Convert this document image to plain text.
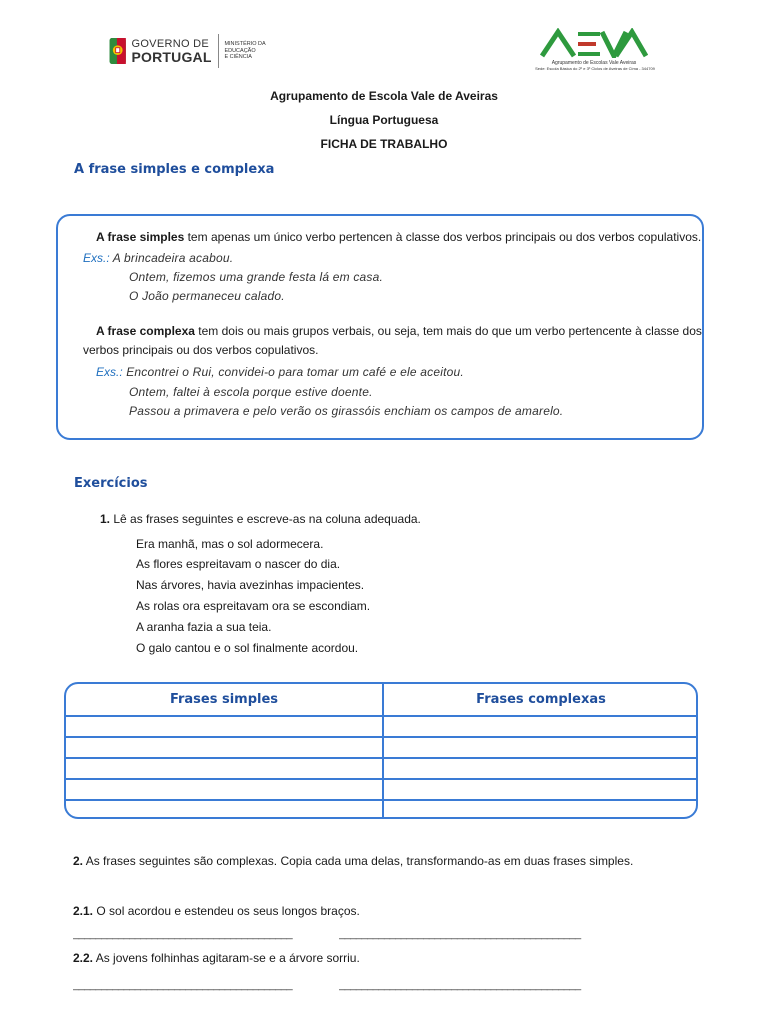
GOVERNO DE
PORTUGAL
MINISTÉRIO DA EDUCAÇÃO
E CIÊNCIA
Agrupamento de Escolas Vale Aveiras
Sede: Escola Básica do 2º e 3º Ciclos de Aveiras de Cima - 344709
Agrupamento de Escola Vale de Aveiras
Língua Portuguesa
FICHA DE TRABALHO
A frase simples e complexa
A frase simples tem apenas um único verbo pertencen à classe dos verbos principais ou dos verbos copulativos.
Exs.: A brincadeira acabou.
Ontem, fizemos uma grande festa lá em casa.
O João permaneceu calado.
A frase complexa tem dois ou mais grupos verbais, ou seja, tem mais do que um verbo pertencente à classe dos
verbos principais ou dos verbos copulativos.
Exs.: Encontrei o Rui, convidei-o para tomar um café e ele aceitou.
Ontem, faltei à escola porque estive doente.
Passou a primavera e pelo verão os girassóis enchiam os campos de amarelo.
Exercícios
1. Lê as frases seguintes e escreve-as na coluna adequada.
Era manhã, mas o sol adormecera.
As flores espreitavam o nascer do dia.
Nas árvores, havia avezinhas impacientes.
As rolas ora espreitavam ora se escondiam.
A aranha fazia a sua teia.
O galo cantou e o sol finalmente acordou.
Frases simples	Frases complexas
2. As frases seguintes são complexas. Copia cada uma delas, transformando-as em duas frases simples.
2.1. O sol acordou e estendeu os seus longos braços.
_______________________________________	___________________________________________
2.2. As jovens folhinhas agitaram-se e a árvore sorriu.
_______________________________________	___________________________________________
